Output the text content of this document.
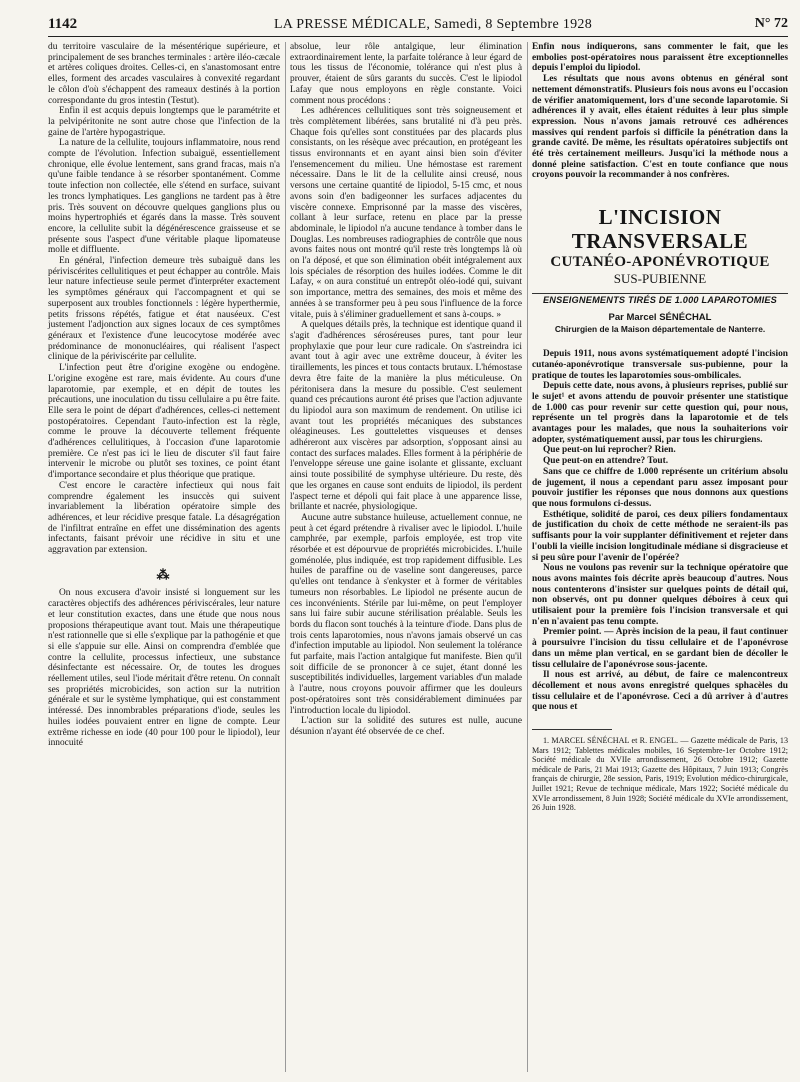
1142	LA PRESSE MÉDICALE, Samedi, 8 Septembre 1928	N° 72

du territoire vasculaire de la mésentérique supérieure, et principalement de ses branches terminales : artère iléo-cæcale et artères coliques droites. Celles-ci, en s'anastomosant entre elles, forment des arcades vasculaires à convexité regardant le côlon d'où s'échappent des rameaux destinés à la portion correspondante du gros intestin (Testut).

Enfin il est acquis depuis longtemps que le paramétrite et la pelvipéritonite ne sont autre chose que l'infection de la gaine de l'artère hypogastrique.

La nature de la cellulite, toujours inflammatoire, nous rend compte de l'évolution. Infection subaiguë, essentiellement chronique, elle évolue lentement, sans grand fracas, mais n'a qu'une faible tendance à se résorber spontanément. Comme toute infection non collectée, elle s'étend en surface, suivant les troncs lymphatiques. Les ganglions ne tardent pas à être pris. Très souvent on découvre quelques ganglions plus ou moins hypertrophiés et égarés dans la masse. Très souvent encore, la cellulite subit la dégénérescence graisseuse et se présente sous l'aspect d'une véritable plaque lipomateuse molle et diffluente.

En général, l'infection demeure très subaiguë dans les périviscérites cellulitiques et peut échapper au contrôle. Mais leur nature infectieuse seule permet d'interpréter exactement les symptômes généraux qui l'accompagnent et qui se superposent aux troubles fonctionnels : légère hyperthermie, petits frissons répétés, fatigue et état nauséeux. C'est justement l'adjonction aux signes locaux de ces symptômes généraux et l'existence d'une leucocytose modérée avec prédominance de mononucléaires, qui réalisent l'aspect clinique de la périviscérite par cellulite.

L'infection peut être d'origine exogène ou endogène. L'origine exogène est rare, mais évidente. Au cours d'une laparotomie, par exemple, et en dépit de toutes les précautions, une inoculation du tissu cellulaire a pu être faite. Elle sera le point de départ d'adhérences, celles-ci nettement postopératoires. Cependant l'auto-infection est la règle, comme le prouve la découverte tellement fréquente d'adhérences cellulitiques, à l'occasion d'une laparotomie première. Ce n'est pas ici le lieu de discuter s'il faut faire intervenir le microbe ou plutôt ses toxines, ce point étant d'importance secondaire et plus théorique que pratique.

C'est encore le caractère infectieux qui nous fait comprendre également les insuccès qui suivent invariablement la libération opératoire simple des adhérences, et leur récidive presque fatale. La désagrégation de l'infiltrat entraîne en effet une dissémination des agents infectants, faisant prévoir une récidive in situ et une aggravation par extension.

⁂

On nous excusera d'avoir insisté si longuement sur les caractères objectifs des adhérences périviscérales, leur nature et leur constitution exactes, dans une étude que nous nous proposions thérapeutique avant tout. Mais une thérapeutique n'est rationnelle que si elle s'explique par la pathogénie et que si elle s'appuie sur elle. Ainsi on comprendra d'emblée que contre la cellulite, processus infectieux, une substance désinfectante est nécessaire. Or, de toutes les drogues réellement utiles, seul l'iode méritait d'être retenu. On connaît ses propriétés microbicides, son action sur la nutrition générale et sur le système lymphatique, qui est constamment intéressé. Des innombrables préparations d'iode, seules les huiles iodées pouvaient entrer en ligne de compte. Leur extrême richesse en iode (40 pour 100 pour le lipiodol), leur innocuité

absolue, leur rôle antalgique, leur élimination extraordinairement lente, la parfaite tolérance à leur égard de tous les tissus de l'économie, tolérance qui n'est plus à prouver, étaient de sûrs garants du succès. C'est le lipiodol Lafay que nous employons en règle constante. Voici comment nous procédons :

Les adhérences cellulitiques sont très soigneusement et très complètement libérées, sans brutalité ni d'à peu près. Chaque fois qu'elles sont constituées par des placards plus consistants, on les résèque avec précaution, en protégeant les tissus environnants et en ayant ainsi bien soin d'éviter l'ensemencement du milieu. Une hémostase est rarement nécessaire. Dans le lit de la cellulite ainsi creusé, nous versons une certaine quantité de lipiodol, 5-15 cmc, et nous avons soin d'en badigeonner les surfaces adjacentes du viscère connexe. Emprisonné par la masse des viscères, collant à leur surface, retenu en place par la presse abdominale, le lipiodol n'a aucune tendance à tomber dans le Douglas. Les nombreuses radiographies de contrôle que nous avons faites nous ont montré qu'il reste très longtemps là où on l'a déposé, et que son élimination obéit intégralement aux lois spéciales de résorption des huiles iodées. Comme le dit Lafay, « on aura constitué un entrepôt oléo-iodé qui, suivant son importance, mettra des semaines, des mois et même des années à se transformer peu à peu sous l'influence de la force vitale, puis à s'éliminer graduellement et sans à-coups. »

A quelques détails près, la technique est identique quand il s'agit d'adhérences séroséreuses pures, tant pour leur prophylaxie que pour leur cure radicale. On s'astreindra ici avant tout à agir avec une extrême douceur, à éviter les tiraillements, les pinces et tous contacts brutaux. L'hémostase devra être faite de la manière la plus méticuleuse. On péritonisera dans la mesure du possible. C'est seulement quand ces précautions auront été prises que l'action adjuvante du lipiodol aura son maximum de rendement. On utilise ici avant tout les propriétés mécaniques des substances oléagineuses. Les gouttelettes visqueuses et denses adhéreront aux viscères par adsorption, s'opposant ainsi au contact des surfaces malades. Elles forment à la périphérie de l'enveloppe séreuse une gaine isolante et glissante, excluant ainsi toute possibilité de symphyse ultérieure. Du reste, dès que les organes en cause sont enduits de lipiodol, ils perdent l'aspect terne et dépoli qui fait place à une apparence lisse, brillante et nacrée, physiologique.

Aucune autre substance huileuse, actuellement connue, ne peut à cet égard prétendre à rivaliser avec le lipiodol. L'huile camphrée, par exemple, parfois employée, est trop vite résorbée et est dépourvue de propriétés microbicides. L'huile goménolée, plus indiquée, est trop rapidement diffusible. Les huiles de paraffine ou de vaseline sont dangereuses, parce qu'elles ont tendance à s'enkyster et à former de véritables tumeurs non résorbables. Le lipiodol ne présente aucun de ces inconvénients. Stérile par lui-même, on peut l'employer sans lui faire subir aucune stérilisation préalable. Seuls les bords du flacon sont touchés à la teinture d'iode. Dans plus de trois cents laparotomies, nous n'avons jamais observé un cas d'infection imputable au lipiodol. Non seulement la tolérance fut parfaite, mais l'action antalgique fut manifeste. Bien qu'il soit difficile de se prononcer à ce sujet, étant donné les susceptibilités individuelles, largement variables d'un malade à l'autre, nous croyons pouvoir affirmer que les douleurs post-opératoires sont très considérablement diminuées par l'introduction locale du lipiodol.

L'action sur la solidité des sutures est nulle, aucune désunion n'ayant été observée de ce chef.

Enfin nous indiquerons, sans commenter le fait, que les embolies post-opératoires nous paraissent être exceptionnelles depuis l'emploi du lipiodol.

Les résultats que nous avons obtenus en général sont nettement démonstratifs. Plusieurs fois nous avons eu l'occasion de vérifier anatomiquement, lors d'une seconde laparotomie. Si adhérences il y avait, elles étaient réduites à leur plus simple expression. Nous n'avons jamais retrouvé ces adhérences massives qui rendent parfois si difficile la pénétration dans la grande cavité. De même, les résultats opératoires subjectifs ont été très certainement meilleurs. Jusqu'ici la méthode nous a donné pleine satisfaction. C'est en toute confiance que nous croyons pouvoir la recommander à nos confrères.

L'INCISION TRANSVERSALE
CUTANÉO-APONÉVROTIQUE
SUS-PUBIENNE
ENSEIGNEMENTS TIRÉS DE 1.000 LAPAROTOMIES
Par Marcel SÉNÉCHAL
Chirurgien de la Maison départementale de Nanterre.

Depuis 1911, nous avons systématiquement adopté l'incision cutanéo-aponévrotique transversale sus-pubienne, pour la pratique de toutes les laparotomies sous-ombilicales.

Depuis cette date, nous avons, à plusieurs reprises, publié sur le sujet¹ et avons attendu de pouvoir présenter une statistique de 1.000 cas pour revenir sur cette question qui, pour nous, représente un tel progrès dans la laparotomie et de tels avantages pour les malades, que nous la souhaiterions voir adopter, systématiquement aussi, par tous les chirurgiens.

Que peut-on lui reprocher? Rien.

Que peut-on en attendre? Tout.

Sans que ce chiffre de 1.000 représente un critérium absolu de jugement, il nous a cependant paru assez imposant pour pouvoir justifier les réponses que nous donnons aux questions que nous formulons ci-dessus.

Esthétique, solidité de paroi, ces deux piliers fondamentaux de justification du choix de cette méthode ne seraient-ils pas suffisants pour la voir supplanter définitivement et rejeter dans l'oubli la vieille incision longitudinale médiane si disgracieuse et si peu sûre pour l'avenir de l'opérée?

Nous ne voulons pas revenir sur la technique opératoire que nous avons maintes fois décrite après beaucoup d'autres. Nous nous contenterons d'insister sur quelques points de détail qui, non observés, ont pu donner quelques déboires à ceux qui utilisaient pour la première fois l'incision transversale et qui n'en n'avaient pas tenu compte.

Premier point. — Après incision de la peau, il faut continuer à poursuivre l'incision du tissu cellulaire et de l'aponévrose dans un même plan vertical, en se gardant bien de décoller le tissu cellulaire de l'aponévrose sous-jacente.

Il nous est arrivé, au début, de faire ce malencontreux décollement et nous avons enregistré quelques sphacèles du tissu cellulaire et de l'aponévrose. Ceci a dû arriver à d'autres que nous et

1. MARCEL SÉNÉCHAL et R. ENGEL. — Gazette médicale de Paris, 13 Mars 1912; Tablettes médicales mobiles, 16 Septembre-1er Octobre 1912; Société médicale du XVIIe arrondissement, 26 Octobre 1912; Gazette médicale de Paris, 21 Mai 1913; Gazette des Hôpitaux, 7 Juin 1913; Congrès français de chirurgie, 28e session, Paris, 1919; Evolution médico-chirurgicale, Juillet 1921; Revue de technique médicale, Mars 1922; Société médicale du XVIe arrondissement, 8 Juin 1928; Société médicale du XVIe arrondissement, 26 Juin 1928.
